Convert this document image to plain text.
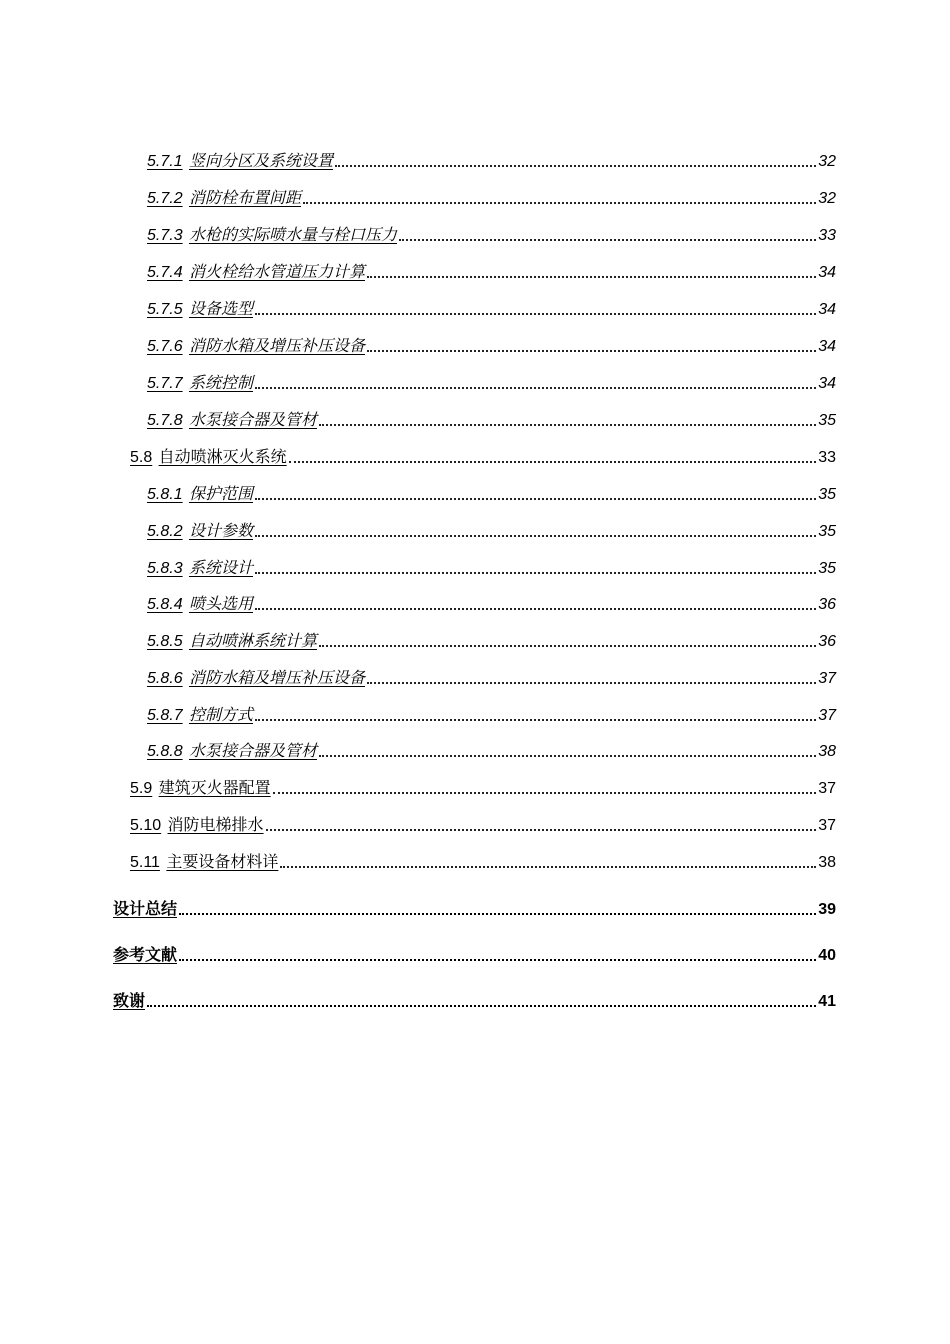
5.7.1 竖向分区及系统设置	32
5.7.2 消防栓布置间距	32
5.7.3 水枪的实际喷水量与栓口压力	33
5.7.4 消火栓给水管道压力计算	34
5.7.5 设备选型	34
5.7.6 消防水箱及增压补压设备	34
5.7.7 系统控制	34
5.7.8 水泵接合器及管材	35
5.8 自动喷淋灭火系统	33
5.8.1 保护范围	35
5.8.2 设计参数	35
5.8.3 系统设计	35
5.8.4 喷头选用	36
5.8.5 自动喷淋系统计算	36
5.8.6 消防水箱及增压补压设备	37
5.8.7 控制方式	37
5.8.8 水泵接合器及管材	38
5.9 建筑灭火器配置	37
5.10 消防电梯排水	37
5.11 主要设备材料详	38
设计总结	39
参考文献	40
致谢	41
